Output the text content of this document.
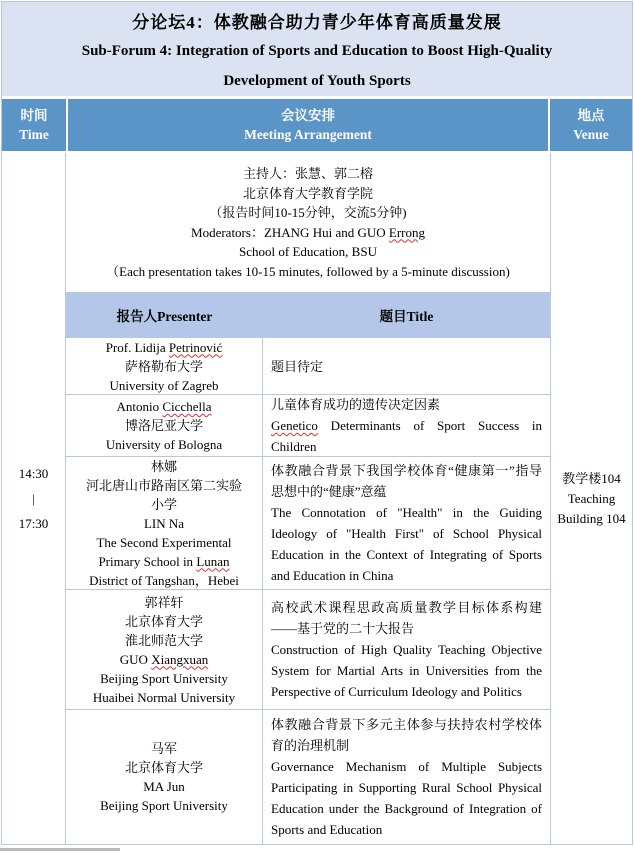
分论坛4：体教融合助力青少年体育高质量发展
Sub-Forum 4: Integration of Sports and Education to Boost High-Quality
Development of Youth Sports
时间
Time
会议安排
Meeting Arrangement
地点
Venue
14:30
|
17:30
主持人：张慧、郭二榕
北京体育大学教育学院
（报告时间10-15分钟，交流5分钟)
Moderators：ZHANG Hui and GUO Errong
School of Education, BSU
（Each presentation takes 10-15 minutes, followed by a 5-minute discussion)
报告人Presenter	题目Title
Prof. Lidija Petrinović
萨格勒布大学
University of Zagreb
题目待定
Antonio Cicchella
博洛尼亚大学
University of Bologna
儿童体育成功的遗传决定因素
Genetico Determinants of Sport Success in Children
林娜
河北唐山市路南区第二实验
小学
LIN Na
The Second Experimental
Primary School in Lunan
District of Tangshan，Hebei
体教融合背景下我国学校体育“健康第一”指导思想中的“健康”意蕴
The Connotation of "Health" in the Guiding Ideology of "Health First" of School Physical Education in the Context of Integrating of Sports and Education in China
郭祥轩
北京体育大学
淮北师范大学
GUO Xiangxuan
Beijing Sport University
Huaibei Normal University
高校武术课程思政高质量教学目标体系构建——基于党的二十大报告
Construction of High Quality Teaching Objective System for Martial Arts in Universities from the Perspective of Curriculum Ideology and Politics
马军
北京体育大学
MA Jun
Beijing Sport University
体教融合背景下多元主体参与扶持农村学校体育的治理机制
Governance Mechanism of Multiple Subjects Participating in Supporting Rural School Physical Education under the Background of Integration of Sports and Education
教学楼104
Teaching Building 104
